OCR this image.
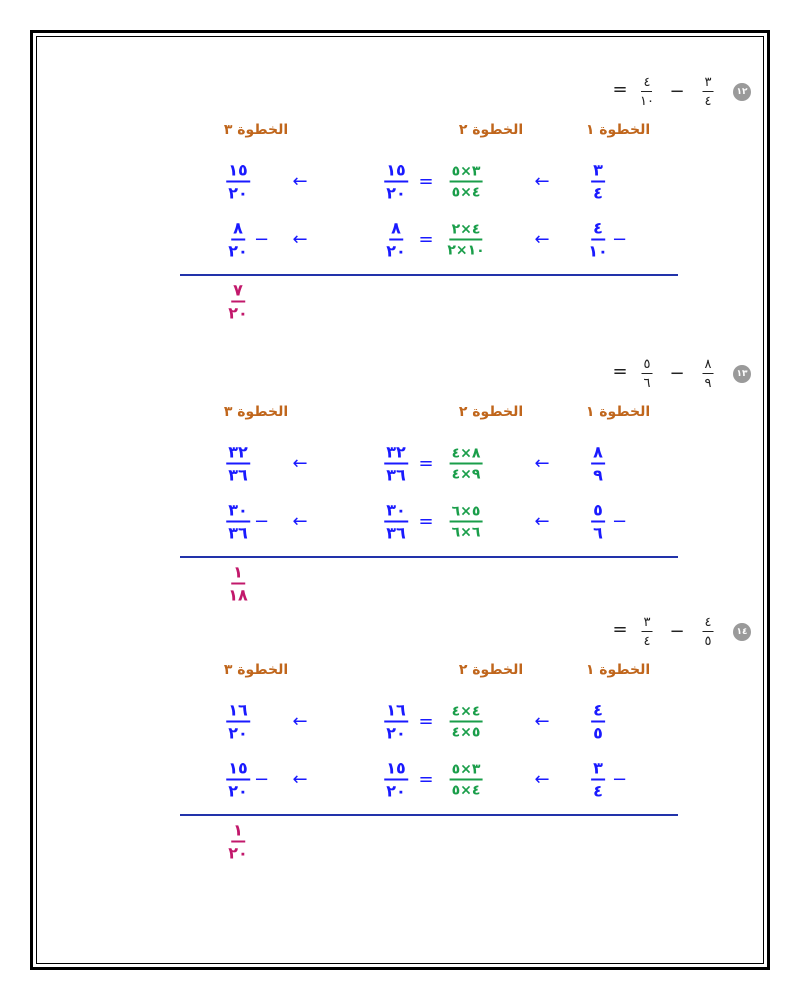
١٢
٣
٤
−
٤
١٠
=
الخطوة ١
الخطوة ٢
الخطوة ٣
٣
٤
←
٣×٥
٤×٥
=
١٥
٢٠
←
١٥
٢٠
٤
١٠
−
←
٤×٢
١٠×٢
=
٨
٢٠
←
٨
٢٠
−
٧
٢٠
١٣
٨
٩
−
٥
٦
=
الخطوة ١
الخطوة ٢
الخطوة ٣
٨
٩
←
٨×٤
٩×٤
=
٣٢
٣٦
←
٣٢
٣٦
٥
٦
−
←
٥×٦
٦×٦
=
٣٠
٣٦
←
٣٠
٣٦
−
١
١٨
١٤
٤
٥
−
٣
٤
=
الخطوة ١
الخطوة ٢
الخطوة ٣
٤
٥
←
٤×٤
٥×٤
=
١٦
٢٠
←
١٦
٢٠
٣
٤
−
←
٣×٥
٤×٥
=
١٥
٢٠
←
١٥
٢٠
−
١
٢٠
